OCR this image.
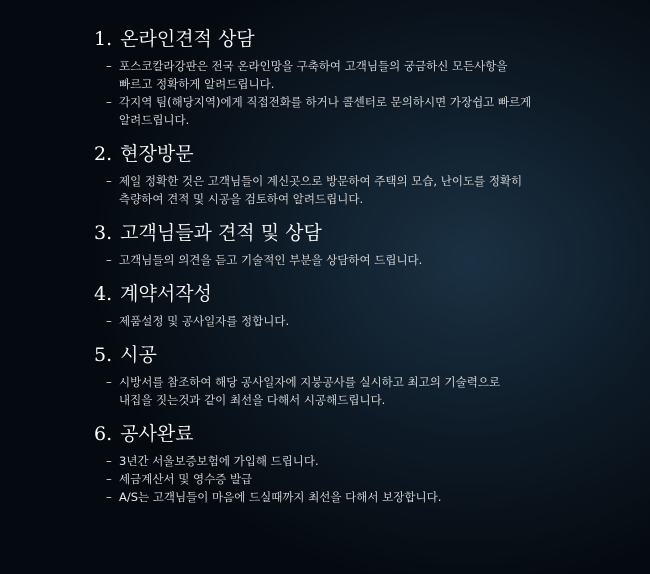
1. 온라인견적 상담
– 포스코칼라강판은 전국 온라인망을 구축하여 고객님들의 궁금하신 모든사항을
빠르고 정확하게 알려드립니다.
– 각지역 팀(해당지역)에게 직접전화를 하거나 콜센터로 문의하시면 가장쉽고 빠르게
알려드립니다.
2. 현장방문
– 제일 정확한 것은 고객님들이 계신곳으로 방문하여 주택의 모습, 난이도를 정확히
측량하여 견적 및 시공을 검토하여 알려드립니다.
3. 고객님들과 견적 및 상담
– 고객님들의 의견을 듣고 기술적인 부분을 상담하여 드립니다.
4. 계약서작성
– 제품설정 및 공사일자를 정합니다.
5. 시공
– 시방서를 참조하여 해당 공사일자에 지붕공사를 실시하고 최고의 기술력으로
내집을 짓는것과 같이 최선을 다해서 시공해드립니다.
6. 공사완료
– 3년간 서울보증보험에 가입해 드립니다.
– 세금계산서 및 영수증 발급
– A/S는 고객님들이 마음에 드실때까지 최선을 다해서 보장합니다.
